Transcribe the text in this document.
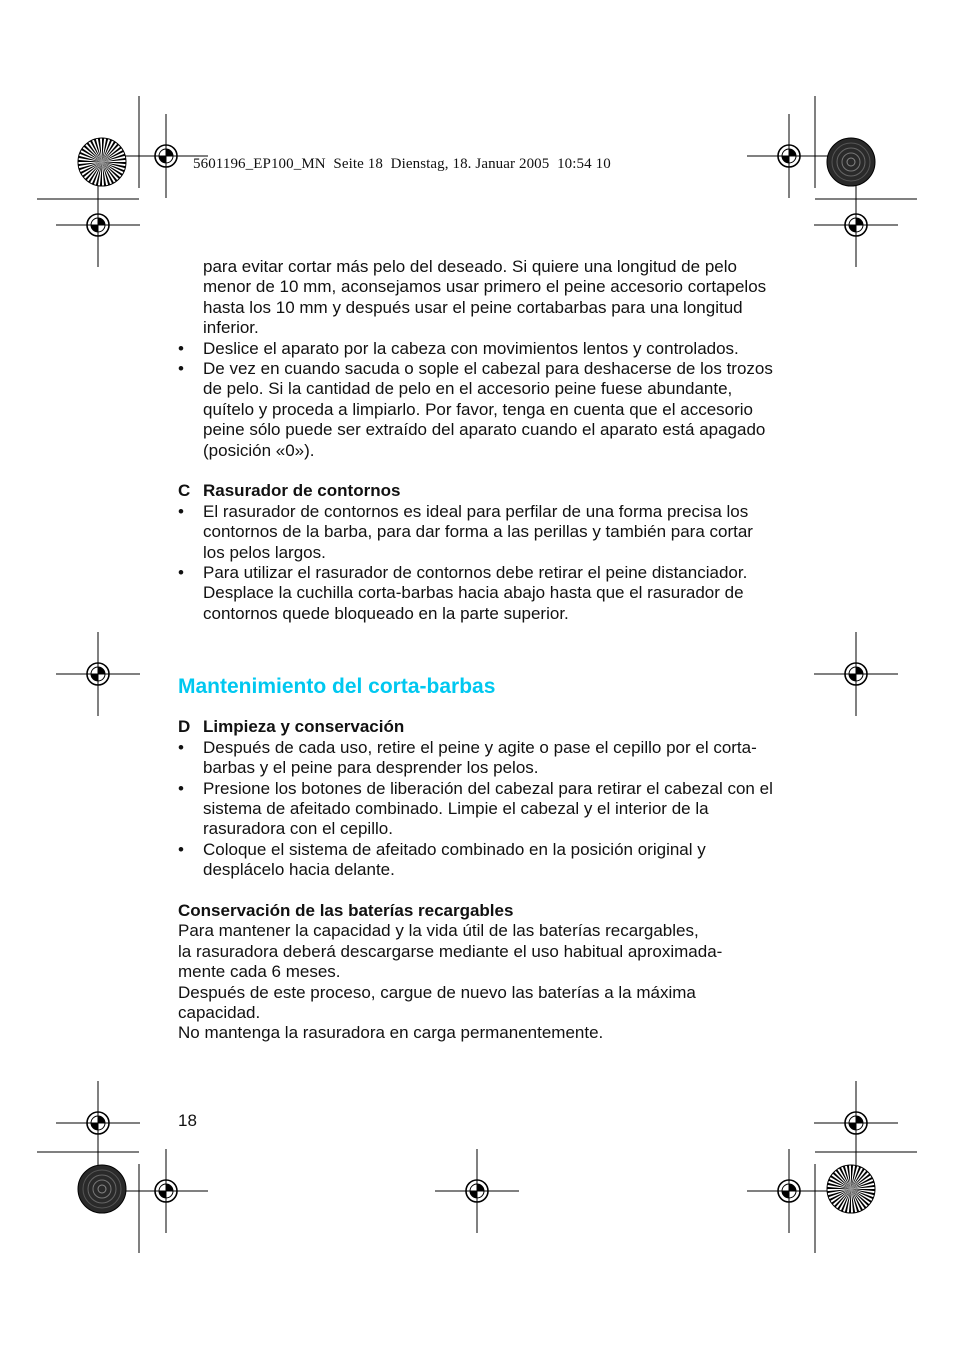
5601196_EP100_MN  Seite 18  Dienstag, 18. Januar 2005  10:54 10

para evitar cortar más pelo del deseado. Si quiere una longitud de pelo menor de 10 mm, aconsejamos usar primero el peine accesorio cortapelos hasta los 10 mm y después usar el peine cortabarbas para una longitud inferior.

• Deslice el aparato por la cabeza con movimientos lentos y controlados.
• De vez en cuando sacuda o sople el cabezal para deshacerse de los trozos de pelo. Si la cantidad de pelo en el accesorio peine fuese abundante, quítelo y proceda a limpiarlo. Por favor, tenga en cuenta que el accesorio peine sólo puede ser extraído del aparato cuando el aparato está apagado (posición «0»).
C Rasurador de contornos
• El rasurador de contornos es ideal para perfilar de una forma precisa los contornos de la barba, para dar forma a las perillas y también para cortar los pelos largos.
• Para utilizar el rasurador de contornos debe retirar el peine distanciador. Desplace la cuchilla corta-barbas hacia abajo hasta que el rasurador de contornos quede bloqueado en la parte superior.
Mantenimiento del corta-barbas
D Limpieza y conservación
• Después de cada uso, retire el peine y agite o pase el cepillo por el corta-barbas y el peine para desprender los pelos.
• Presione los botones de liberación del cabezal para retirar el cabezal con el sistema de afeitado combinado. Limpie el cabezal y el interior de la rasuradora con el cepillo.
• Coloque el sistema de afeitado combinado en la posición original y desplácelo hacia delante.
Conservación de las baterías recargables

Para mantener la capacidad y la vida útil de las baterías recargables,

la rasuradora deberá descargarse mediante el uso habitual aproximada-

mente cada 6 meses.

Después de este proceso, cargue de nuevo las baterías a la máxima

capacidad.

No mantenga la rasuradora en carga permanentemente.

18
